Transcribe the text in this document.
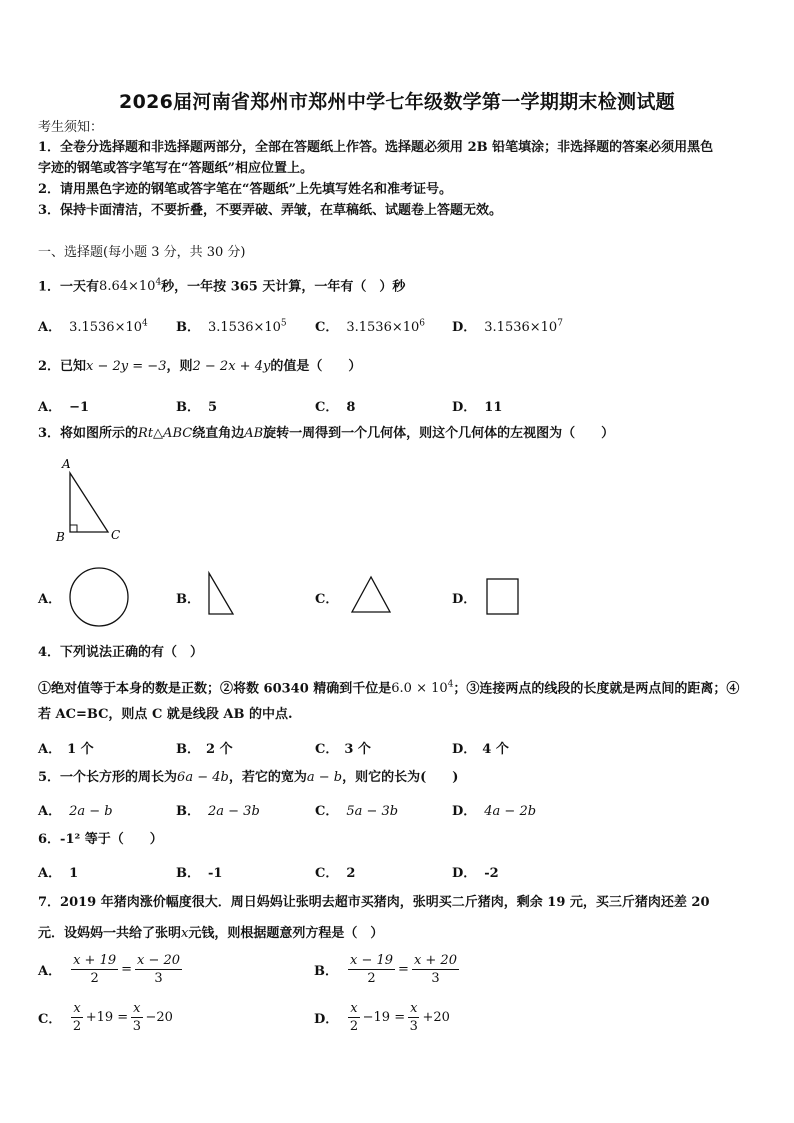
2026届河南省郑州市郑州中学七年级数学第一学期期末检测试题
考生须知：
1．全卷分选择题和非选择题两部分，全部在答题纸上作答。选择题必须用 2B 铅笔填涂；非选择题的答案必须用黑色
字迹的钢笔或答字笔写在“答题纸”相应位置上。
2．请用黑色字迹的钢笔或答字笔在“答题纸”上先填写姓名和准考证号。
3．保持卡面清洁，不要折叠，不要弄破、弄皱，在草稿纸、试题卷上答题无效。
一、选择题(每小题 3 分，共 30 分)
1．一天有$8.64\times 10^4$秒，一年按 365 天计算，一年有（　）秒
A． $3.1536\times 10^4$ B． $3.1536\times 10^5$ C． $3.1536\times 10^6$ D． $3.1536\times 10^7$
2．已知x − 2y = −3，则2 − 2x + 4y的值是（　　）
A． −1	B． 5	C． 8	D． 11
3．将如图所示的Rt△ABC绕直角边AB旋转一周得到一个几何体，则这个几何体的左视图为（　　）
A
B	C
A．	B．	C．	D．
4．下列说法正确的有（　）
①绝对值等于本身的数是正数；②将数 60340 精确到千位是$6.0 \times 10^4$；③连接两点的线段的长度就是两点间的距离；④
若 AC=BC，则点 C 就是线段 AB 的中点.
A． 1 个	B． 2 个	C． 3 个	D． 4 个
5．一个长方形的周长为6a − 4b，若它的宽为a − b，则它的长为(　　)
A． 2a − b	B． 2a − 3b	C． 5a − 3b	D． 4a − 2b
6．-1² 等于（　　）
A． 1	B． -1	C． 2	D． -2
7．2019 年猪肉涨价幅度很大．周日妈妈让张明去超市买猪肉，张明买二斤猪肉，剩余 19 元，买三斤猪肉还差 20
元．设妈妈一共给了张明x元钱，则根据题意列方程是（　）
A． $\frac{x + 19}{2} = \frac{x - 20}{3}$	B． $\frac{x - 19}{2} = \frac{x + 20}{3}$
C． $\frac{x}{2} +19 = \frac{x}{3} -20$	D． $\frac{x}{2} -19 = \frac{x}{3} +20$
